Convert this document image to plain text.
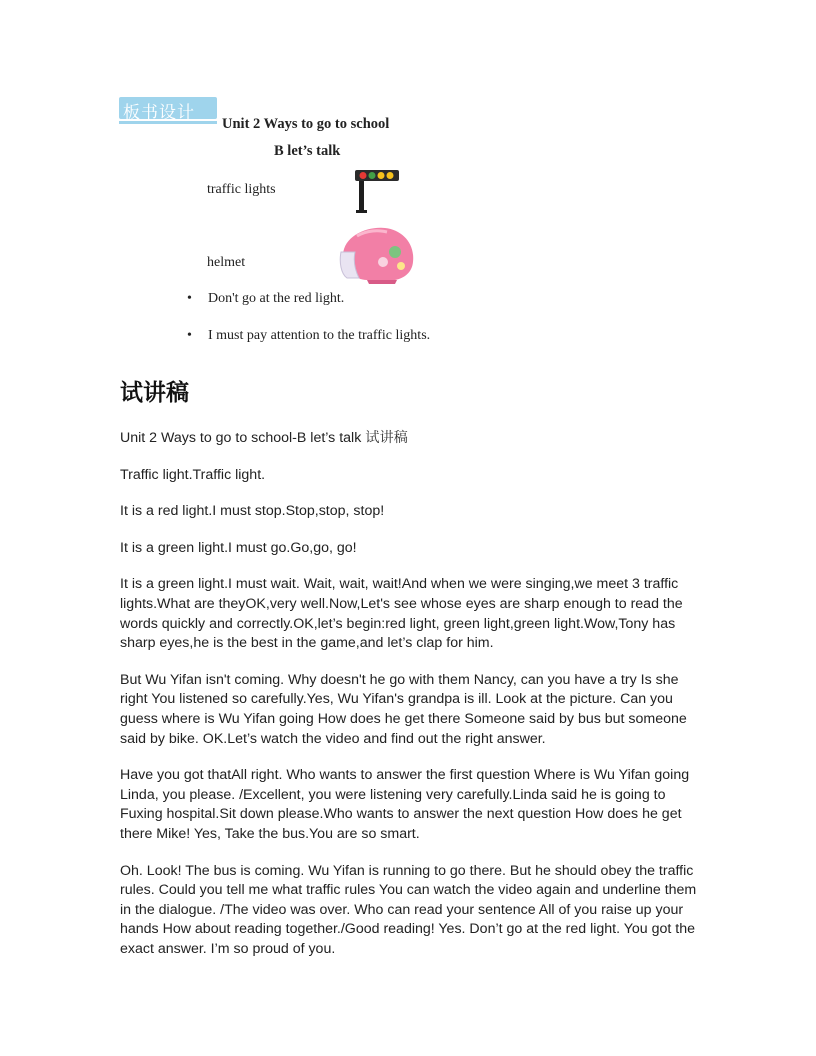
板书设计
Unit 2 Ways to go to school
B let’s talk
traffic lights
helmet
• Don't go at the red light.
• I must pay attention to the traffic lights.
试讲稿

Unit 2 Ways to go to school-B let’s talk 试讲稿

Traffic light.Traffic light.

It is a red light.I must stop.Stop,stop, stop!

It is a green light.I must go.Go,go, go!

It is a green light.I must wait. Wait, wait, wait!And when we were singing,we meet 3 traffic lights.What are theyOK,very well.Now,Let's see whose eyes are sharp enough to read the words quickly and correctly.OK,let’s begin:red light, green light,green light.Wow,Tony has sharp eyes,he is the best in the game,and let’s clap for him.

But Wu Yifan isn't coming. Why doesn't he go with them Nancy, can you have a try Is she right You listened so carefully.Yes, Wu Yifan's grandpa is ill. Look at the picture. Can you guess where is Wu Yifan going How does he get there Someone said by bus but someone said by bike. OK.Let’s watch the video and find out the right answer.

Have you got thatAll right. Who wants to answer the first question Where is Wu Yifan going Linda, you please. /Excellent, you were listening very carefully.Linda said he is going to Fuxing hospital.Sit down please.Who wants to answer the next question How does he get there Mike! Yes, Take the bus.You are so smart.

Oh. Look! The bus is coming. Wu Yifan is running to go there. But he should obey the traffic rules. Could you tell me what traffic rules You can watch the video again and underline them in the dialogue. /The video was over. Who can read your sentence All of you raise up your hands How about reading together./Good reading! Yes. Don’t go at the red light. You got the exact answer. I’m so proud of you.
